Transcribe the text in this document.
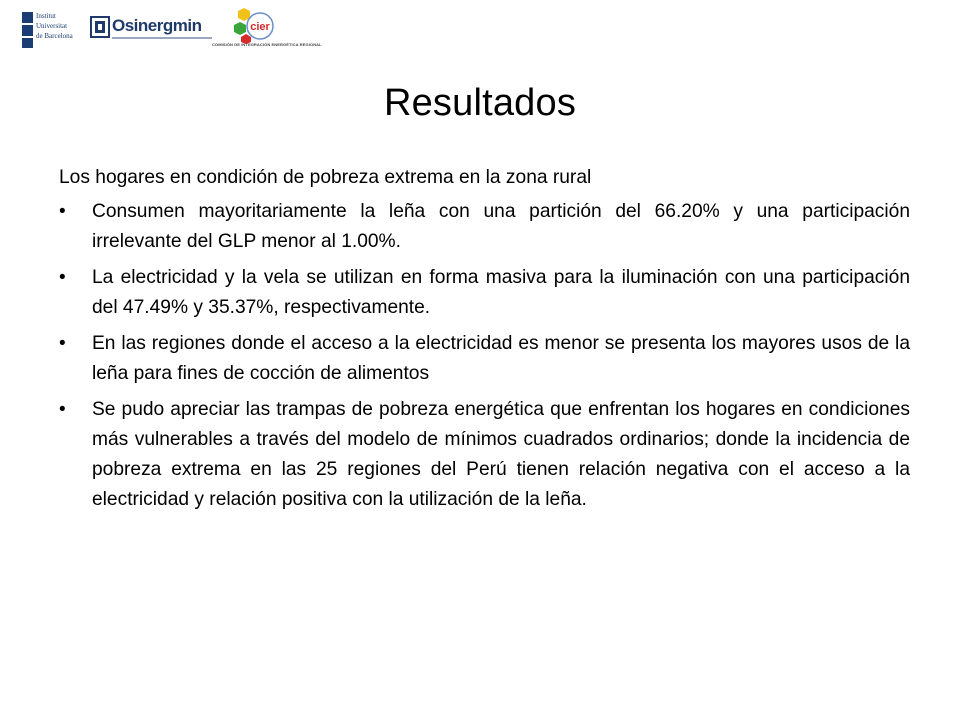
Institut
Universitat
de Barcelona
Osinergmin	cier
COMISIÓN DE INTEGRACIÓN ENERGÉTICA REGIONAL
Resultados

Los hogares en condición de pobreza extrema en la zona rural

• Consumen mayoritariamente la leña con una partición del 66.20% y una participación irrelevante del GLP menor al 1.00%.
• La electricidad y la vela se utilizan en forma masiva para la iluminación con una participación del 47.49% y 35.37%, respectivamente.
• En las regiones donde el acceso a la electricidad es menor se presenta los mayores usos de la leña para fines de cocción de alimentos
• Se pudo apreciar las trampas de pobreza energética que enfrentan los hogares en condiciones más vulnerables a través del modelo de mínimos cuadrados ordinarios; donde la incidencia de pobreza extrema en las 25 regiones del Perú tienen relación negativa con el acceso a la electricidad y relación positiva con la utilización de la leña.
